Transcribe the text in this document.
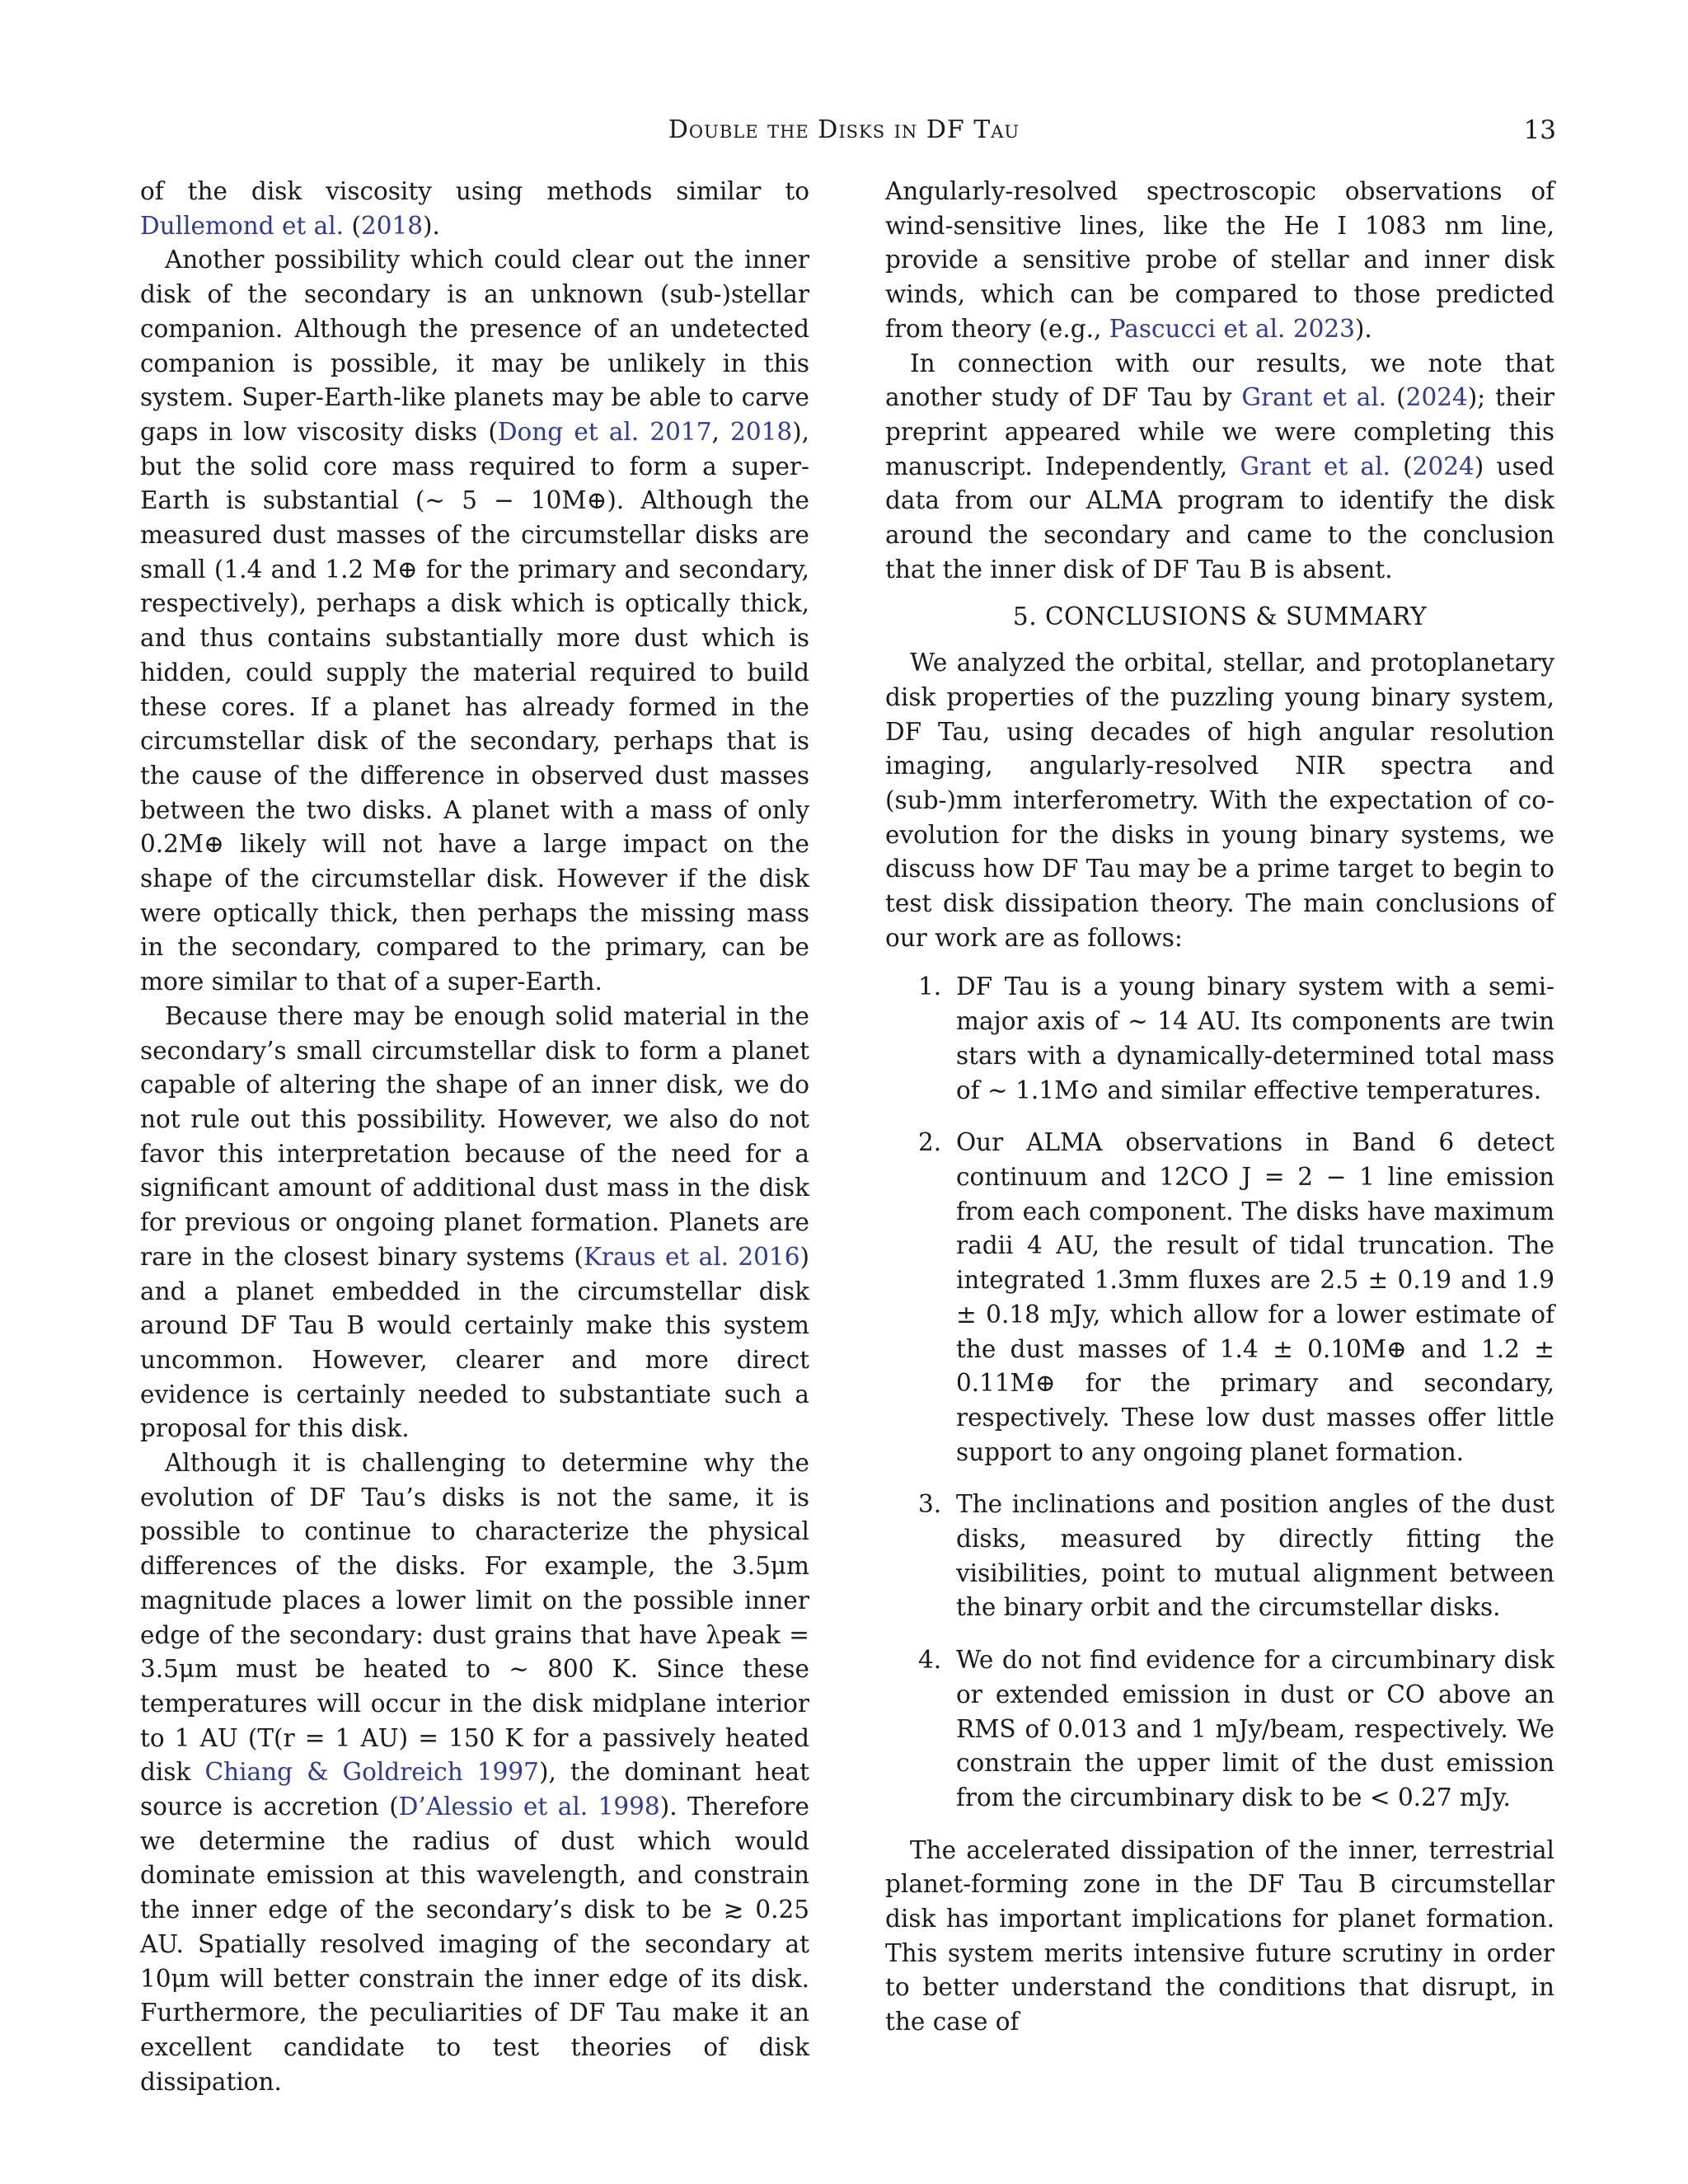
Double the Disks in DF Tau	13

of the disk viscosity using methods similar to Dullemond et al. (2018).

Another possibility which could clear out the inner disk of the secondary is an unknown (sub-)stellar companion. Although the presence of an undetected companion is possible, it may be unlikely in this system. Super-Earth-like planets may be able to carve gaps in low viscosity disks (Dong et al. 2017, 2018), but the solid core mass required to form a super-Earth is substantial (∼ 5 − 10M⊕). Although the measured dust masses of the circumstellar disks are small (1.4 and 1.2 M⊕ for the primary and secondary, respectively), perhaps a disk which is optically thick, and thus contains substantially more dust which is hidden, could supply the material required to build these cores. If a planet has already formed in the circumstellar disk of the secondary, perhaps that is the cause of the difference in observed dust masses between the two disks. A planet with a mass of only 0.2M⊕ likely will not have a large impact on the shape of the circumstellar disk. However if the disk were optically thick, then perhaps the missing mass in the secondary, compared to the primary, can be more similar to that of a super-Earth.

Because there may be enough solid material in the secondary’s small circumstellar disk to form a planet capable of altering the shape of an inner disk, we do not rule out this possibility. However, we also do not favor this interpretation because of the need for a significant amount of additional dust mass in the disk for previous or ongoing planet formation. Planets are rare in the closest binary systems (Kraus et al. 2016) and a planet embedded in the circumstellar disk around DF Tau B would certainly make this system uncommon. However, clearer and more direct evidence is certainly needed to substantiate such a proposal for this disk.

Although it is challenging to determine why the evolution of DF Tau’s disks is not the same, it is possible to continue to characterize the physical differences of the disks. For example, the 3.5μm magnitude places a lower limit on the possible inner edge of the secondary: dust grains that have λpeak = 3.5μm must be heated to ∼ 800 K. Since these temperatures will occur in the disk midplane interior to 1 AU (T(r = 1 AU) = 150 K for a passively heated disk Chiang & Goldreich 1997), the dominant heat source is accretion (D’Alessio et al. 1998). Therefore we determine the radius of dust which would dominate emission at this wavelength, and constrain the inner edge of the secondary’s disk to be ≳ 0.25 AU. Spatially resolved imaging of the secondary at 10μm will better constrain the inner edge of its disk. Furthermore, the peculiarities of DF Tau make it an excellent candidate to test theories of disk dissipation.

Angularly-resolved spectroscopic observations of wind-sensitive lines, like the He I 1083 nm line, provide a sensitive probe of stellar and inner disk winds, which can be compared to those predicted from theory (e.g., Pascucci et al. 2023).

In connection with our results, we note that another study of DF Tau by Grant et al. (2024); their preprint appeared while we were completing this manuscript. Independently, Grant et al. (2024) used data from our ALMA program to identify the disk around the secondary and came to the conclusion that the inner disk of DF Tau B is absent.

5. CONCLUSIONS & SUMMARY

We analyzed the orbital, stellar, and protoplanetary disk properties of the puzzling young binary system, DF Tau, using decades of high angular resolution imaging, angularly-resolved NIR spectra and (sub-)mm interferometry. With the expectation of co-evolution for the disks in young binary systems, we discuss how DF Tau may be a prime target to begin to test disk dissipation theory. The main conclusions of our work are as follows:

1. DF Tau is a young binary system with a semi-major axis of ∼ 14 AU. Its components are twin stars with a dynamically-determined total mass of ∼ 1.1M⊙ and similar effective temperatures.
2. Our ALMA observations in Band 6 detect continuum and 12CO J = 2 − 1 line emission from each component. The disks have maximum radii 4 AU, the result of tidal truncation. The integrated 1.3mm fluxes are 2.5 ± 0.19 and 1.9 ± 0.18 mJy, which allow for a lower estimate of the dust masses of 1.4 ± 0.10M⊕ and 1.2 ± 0.11M⊕ for the primary and secondary, respectively. These low dust masses offer little support to any ongoing planet formation.
3. The inclinations and position angles of the dust disks, measured by directly fitting the visibilities, point to mutual alignment between the binary orbit and the circumstellar disks.
4. We do not find evidence for a circumbinary disk or extended emission in dust or CO above an RMS of 0.013 and 1 mJy/beam, respectively. We constrain the upper limit of the dust emission from the circumbinary disk to be < 0.27 mJy.

The accelerated dissipation of the inner, terrestrial planet-forming zone in the DF Tau B circumstellar disk has important implications for planet formation. This system merits intensive future scrutiny in order to better understand the conditions that disrupt, in the case of
